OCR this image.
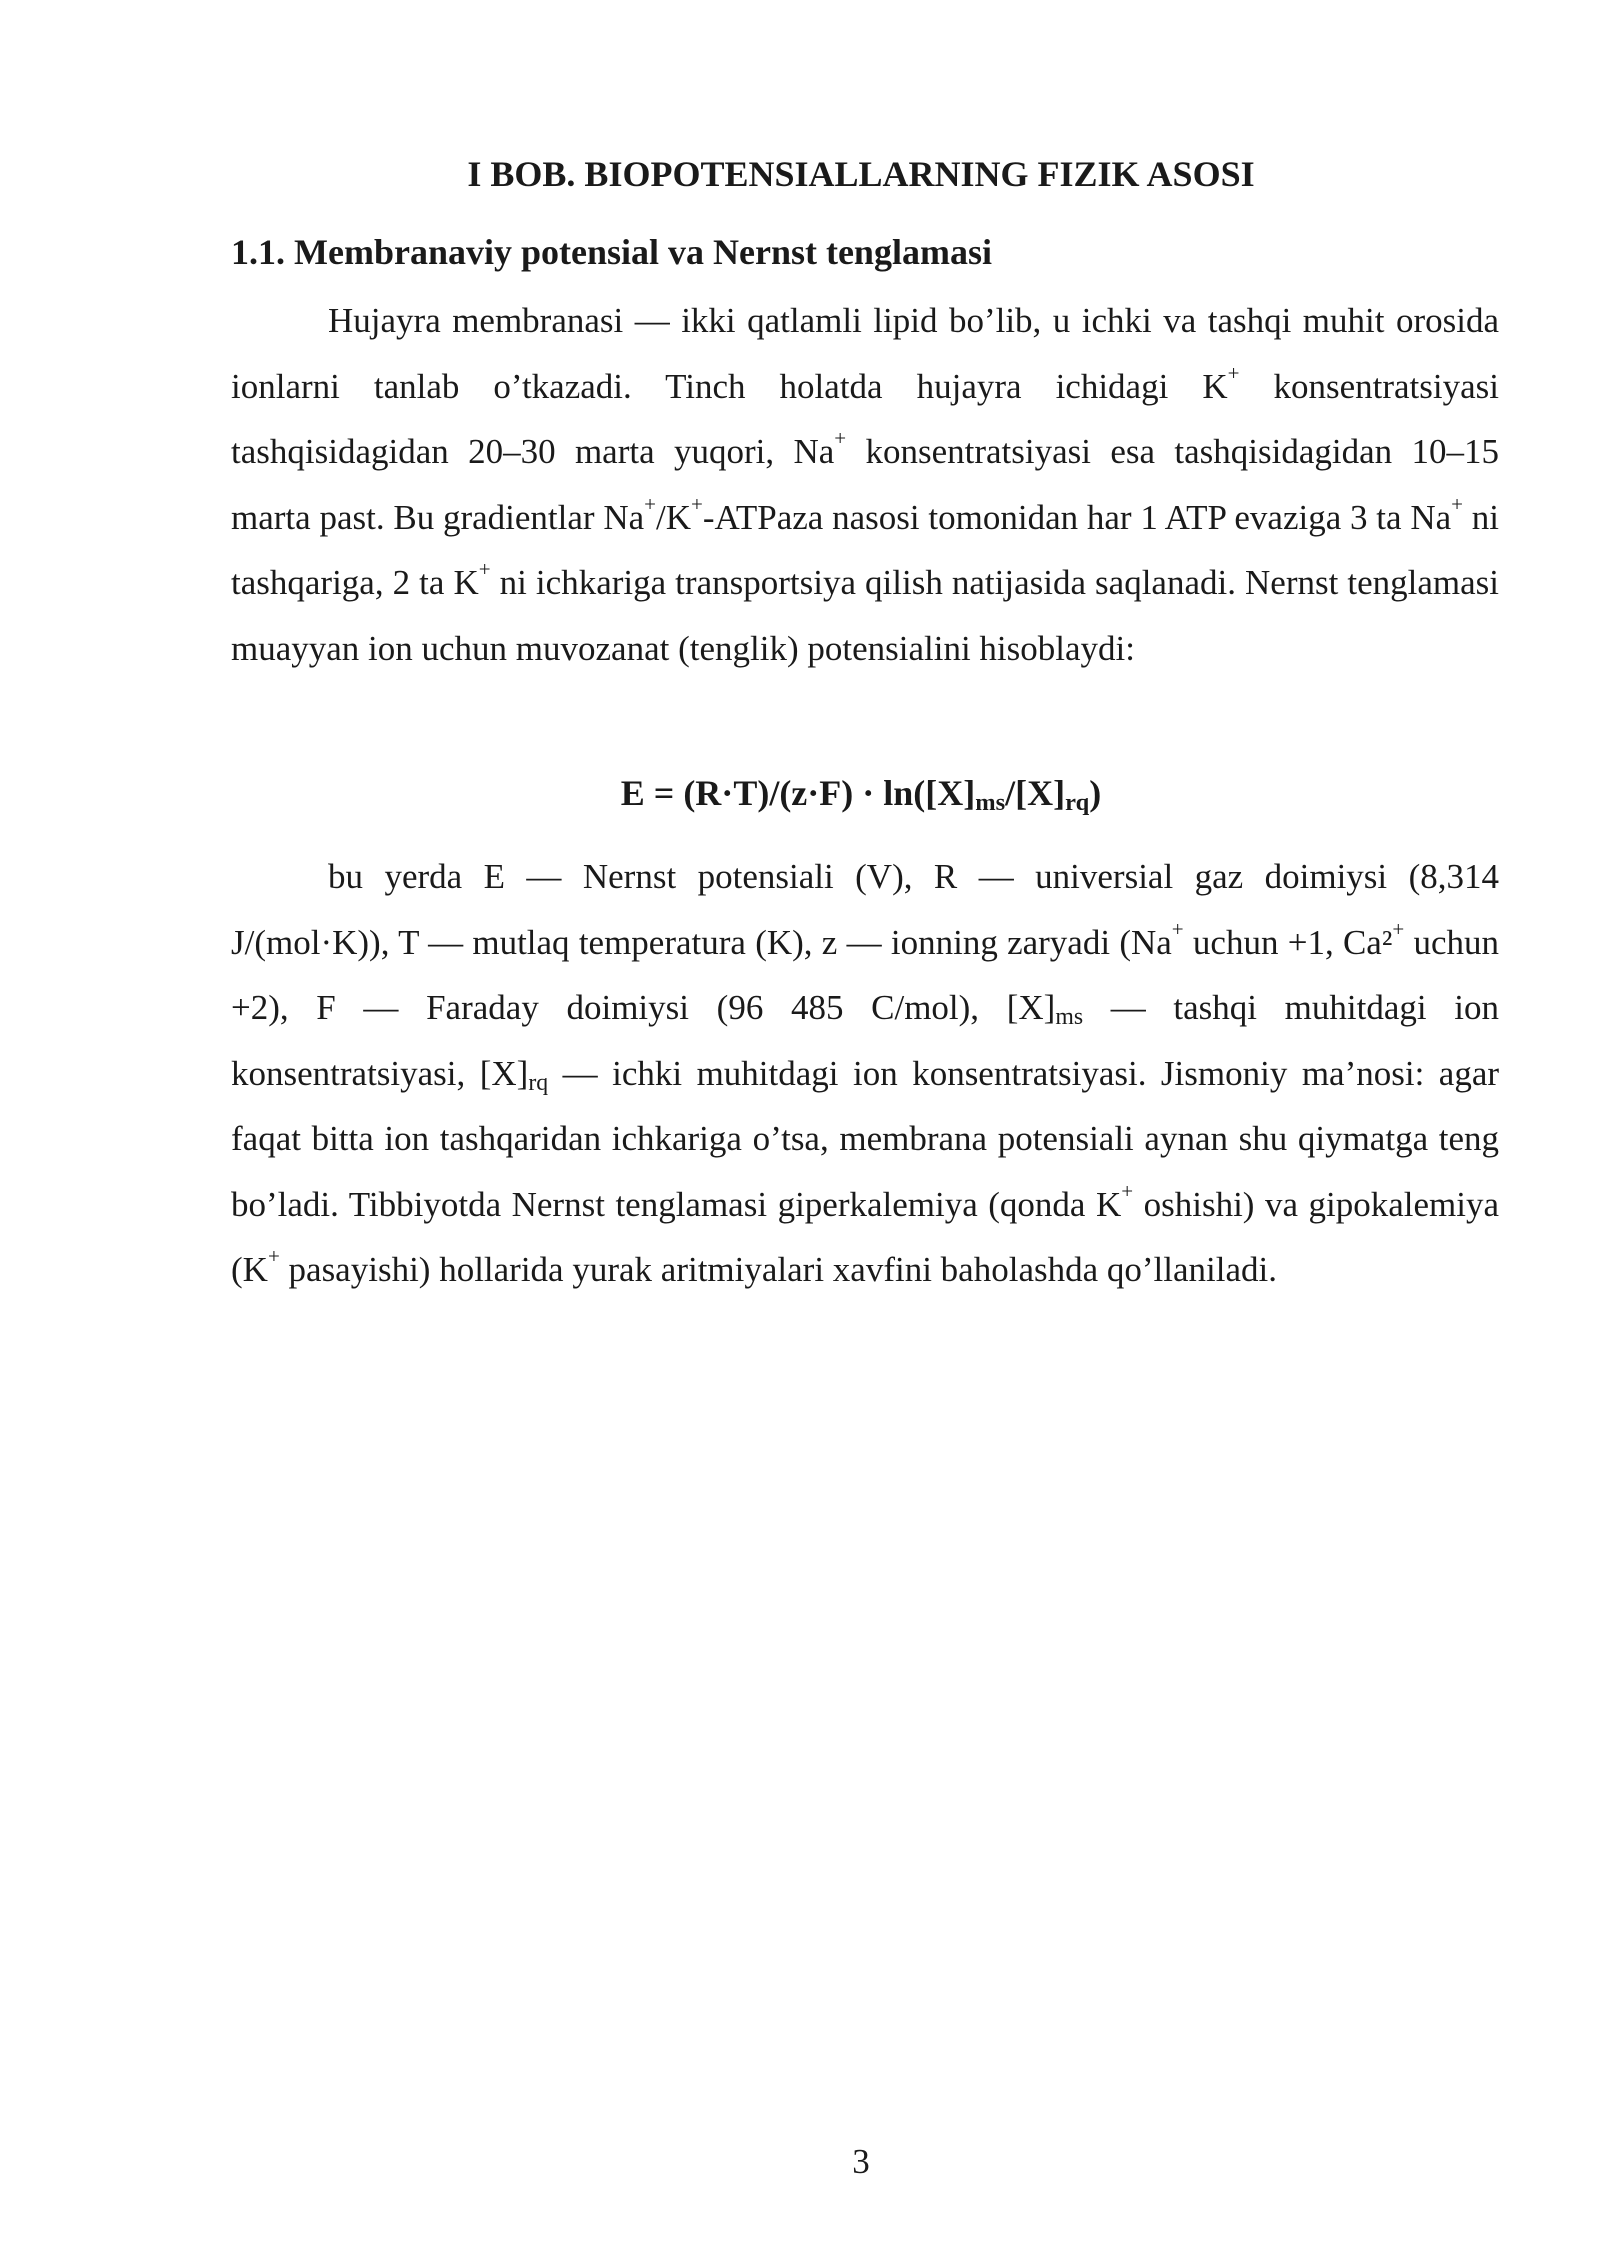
I BOB. BIOPOTENSIALLARNING FIZIK ASOSI
1.1. Membranaviy potensial va Nernst tenglamasi

Hujayra membranasi — ikki qatlamli lipid bo’lib, u ichki va tashqi muhit orosida ionlarni tanlab o’tkazadi. Tinch holatda hujayra ichidagi K+ konsentratsiyasi tashqisidagidan 20–30 marta yuqori, Na+ konsentratsiyasi esa tashqisidagidan 10–15 marta past. Bu gradientlar Na+/K+-ATPaza nasosi tomonidan har 1 ATP evaziga 3 ta Na+ ni tashqariga, 2 ta K+ ni ichkariga transportsiya qilish natijasida saqlanadi. Nernst tenglamasi muayyan ion uchun muvozanat (tenglik) potensialini hisoblaydi:

$E = (R\cdot T)/(z\cdot F) \cdot \ln([X]_{ms}/[X]_{rq})$

bu yerda E — Nernst potensiali (V), R — universial gaz doimiysi (8,314 J/(mol·K)), T — mutlaq temperatura (K), z — ionning zaryadi (Na+ uchun +1, Ca²+ uchun +2), F — Faraday doimiysi (96 485 C/mol), $[X]_{ms}$ — tashqi muhitdagi ion konsentratsiyasi, $[X]_{rq}$ — ichki muhitdagi ion konsentratsiyasi. Jismoniy ma’nosi: agar faqat bitta ion tashqaridan ichkariga o’tsa, membrana potensiali aynan shu qiymatga teng bo’ladi. Tibbiyotda Nernst tenglamasi giperkalemiya (qonda K+ oshishi) va gipokalemiya (K+ pasayishi) hollarida yurak aritmiyalari xavfini baholashda qo’llaniladi.

3
